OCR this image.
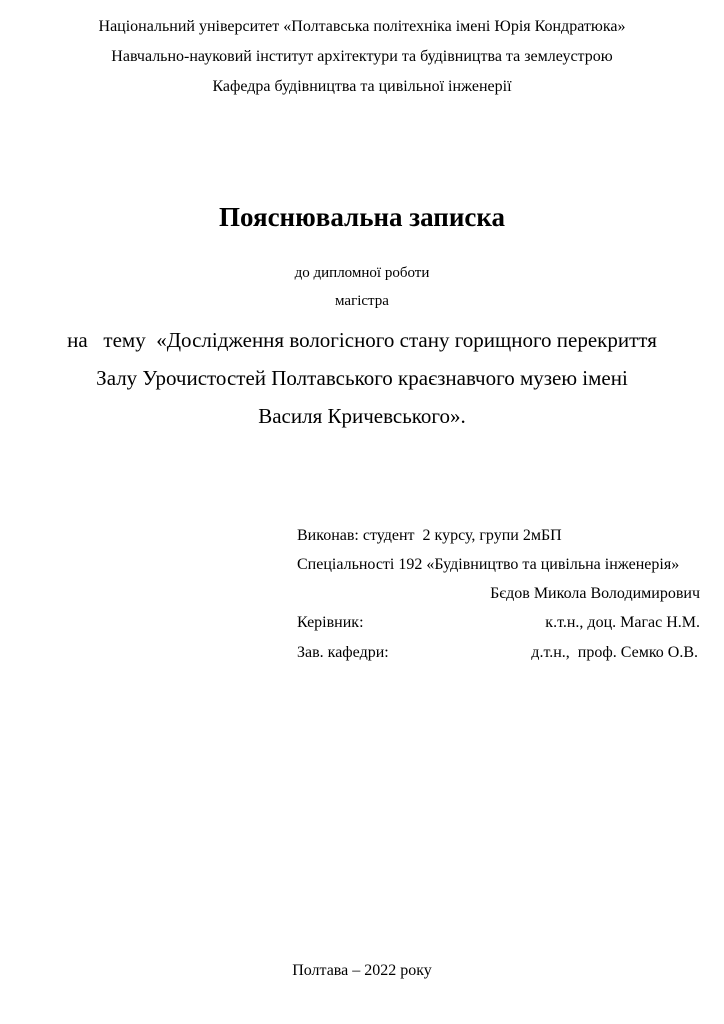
Національний університет «Полтавська політехніка імені Юрія Кондратюка»
Навчально-науковий інститут архітектури та будівництва та землеустрою
Кафедра будівництва та цивільної інженерії
Пояснювальна записка
до дипломної роботи
магістра
на   тему  «Дослідження вологісного стану горищного перекриття
Залу Урочистостей Полтавського краєзнавчого музею імені
Василя Кричевського».
Виконав: студент  2 курсу, групи 2мБП
Спеціальності 192 «Будівництво та цивільна інженерія»
Бєдов Микола Володимирович
Керівник:	к.т.н., доц. Магас Н.М.
Зав. кафедри:	д.т.н.,  проф. Семко О.В.
Полтава – 2022 року
